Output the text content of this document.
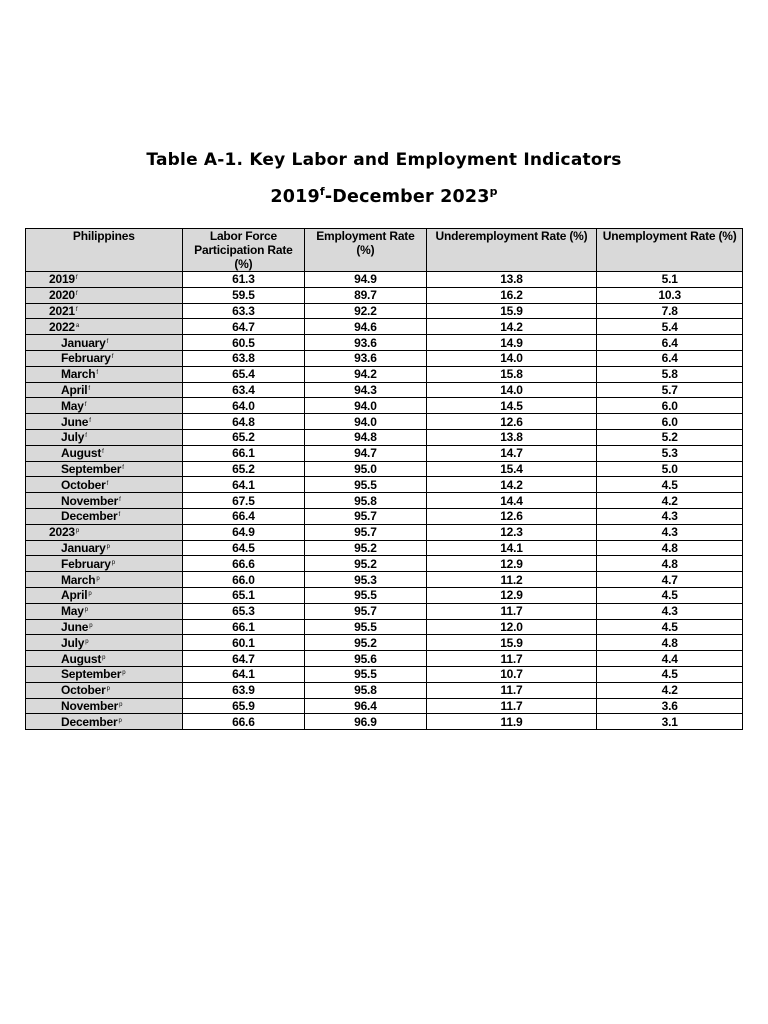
Table A-1. Key Labor and Employment Indicators
2019$^f$-December 2023$^p$
Philippines	Labor Force Participation Rate (%)	Employment Rate (%)	Underemployment Rate (%)	Unemployment Rate (%)
2019$^f$	61.3	94.9	13.8	5.1
2020$^f$	59.5	89.7	16.2	10.3
2021$^f$	63.3	92.2	15.9	7.8
2022$^a$	64.7	94.6	14.2	5.4
January$^f$	60.5	93.6	14.9	6.4
February$^f$	63.8	93.6	14.0	6.4
March$^f$	65.4	94.2	15.8	5.8
April$^f$	63.4	94.3	14.0	5.7
May$^f$	64.0	94.0	14.5	6.0
June$^f$	64.8	94.0	12.6	6.0
July$^f$	65.2	94.8	13.8	5.2
August$^f$	66.1	94.7	14.7	5.3
September$^f$	65.2	95.0	15.4	5.0
October$^f$	64.1	95.5	14.2	4.5
November$^f$	67.5	95.8	14.4	4.2
December$^f$	66.4	95.7	12.6	4.3
2023$^p$	64.9	95.7	12.3	4.3
January$^p$	64.5	95.2	14.1	4.8
February$^p$	66.6	95.2	12.9	4.8
March$^p$	66.0	95.3	11.2	4.7
April$^p$	65.1	95.5	12.9	4.5
May$^p$	65.3	95.7	11.7	4.3
June$^p$	66.1	95.5	12.0	4.5
July$^p$	60.1	95.2	15.9	4.8
August$^p$	64.7	95.6	11.7	4.4
September$^p$	64.1	95.5	10.7	4.5
October$^p$	63.9	95.8	11.7	4.2
November$^p$	65.9	96.4	11.7	3.6
December$^p$	66.6	96.9	11.9	3.1
